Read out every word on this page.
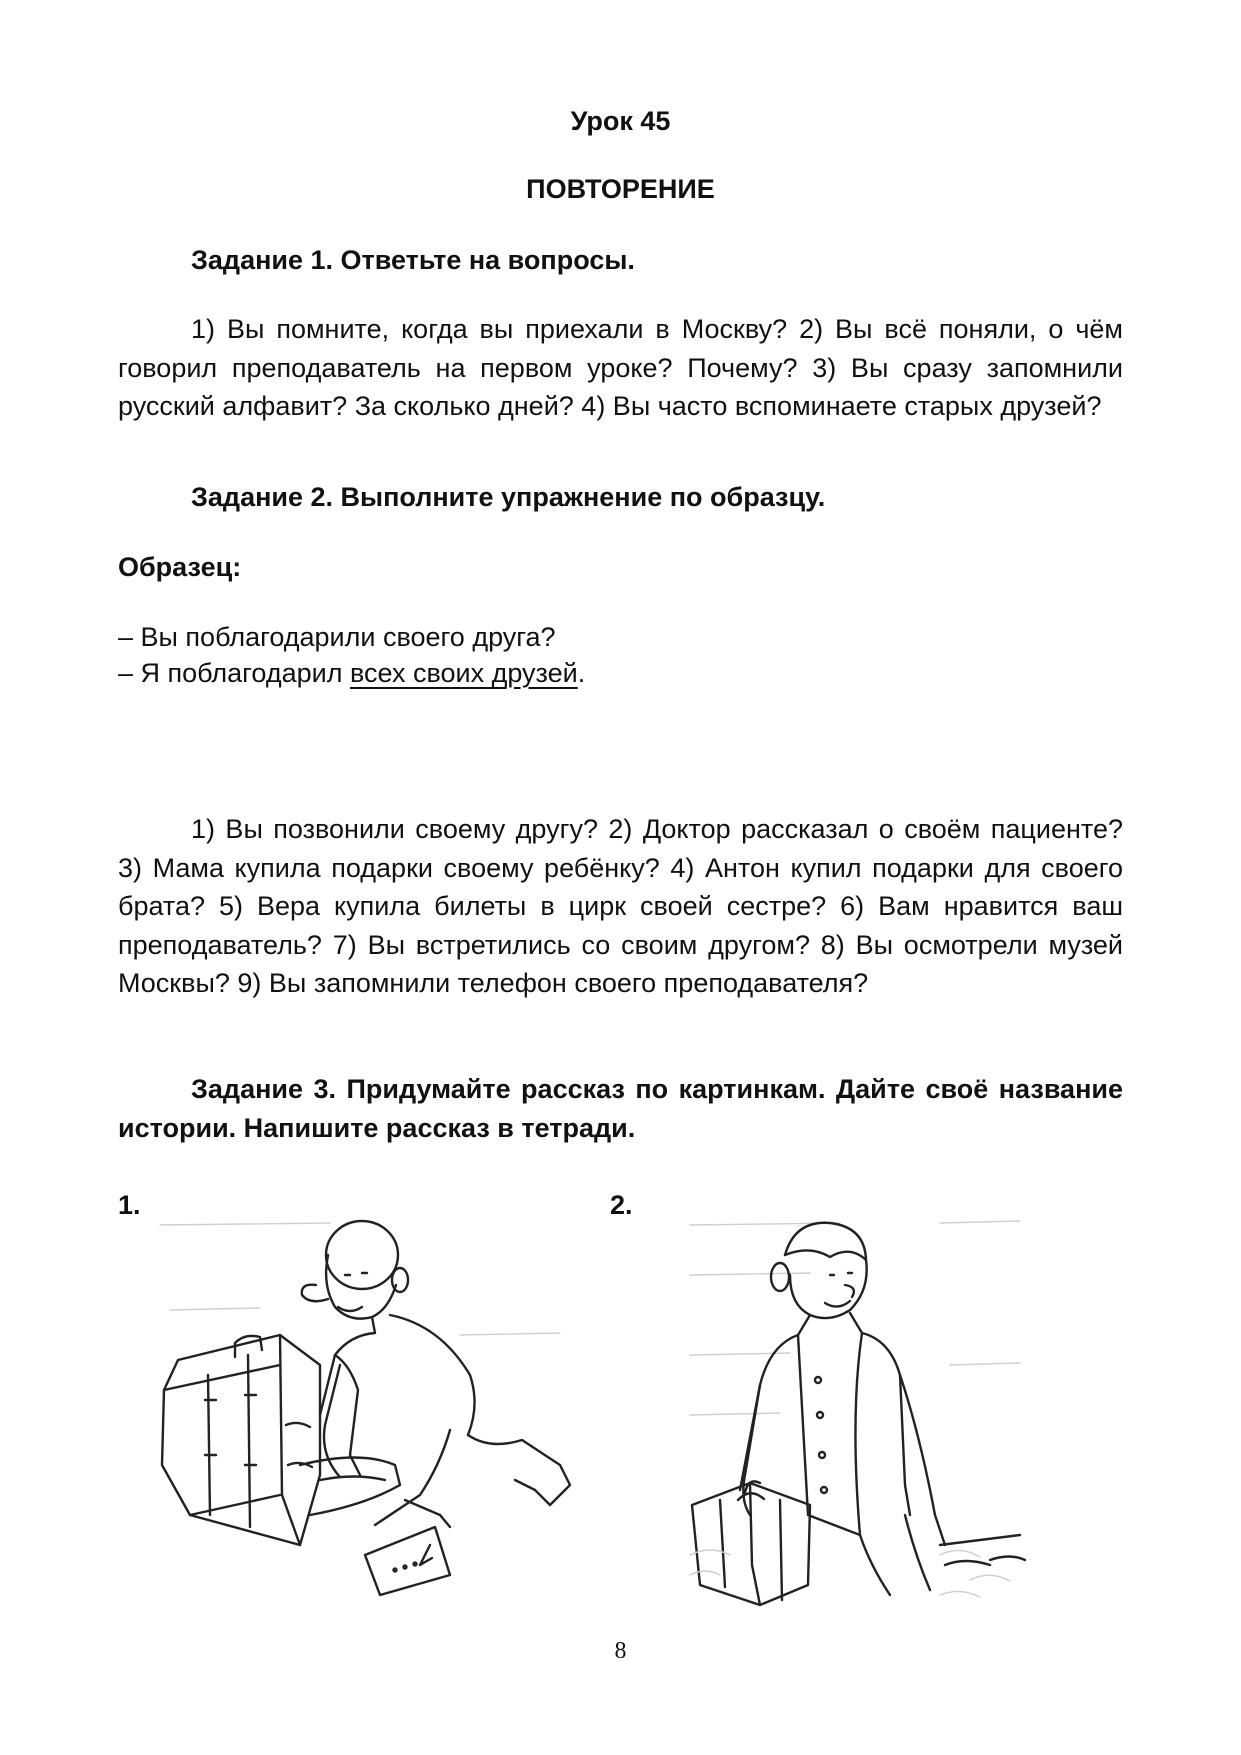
Урок 45
ПОВТОРЕНИЕ
Задание 1. Ответьте на вопросы.
1) Вы помните, когда вы приехали в Москву? 2) Вы всё поняли, о чём говорил преподаватель на первом уроке? Почему? 3) Вы сразу запомнили русский алфавит? За сколько дней? 4) Вы часто вспоминаете старых друзей?
Задание 2. Выполните упражнение по образцу.
Образец:
– Вы поблагодарили своего друга?
– Я поблагодарил всех своих друзей.
1) Вы позвонили своему другу? 2) Доктор рассказал о своём пациенте? 3) Мама купила подарки своему ребёнку? 4) Антон купил подарки для своего брата? 5) Вера купила билеты в цирк своей сестре? 6) Вам нравится ваш преподаватель? 7) Вы встретились со своим другом? 8) Вы осмотрели музей Москвы? 9) Вы запомнили телефон своего преподавателя?
Задание 3. Придумайте рассказ по картинкам. Дайте своё название истории. Напишите рассказ в тетради.
1.	2.
8
